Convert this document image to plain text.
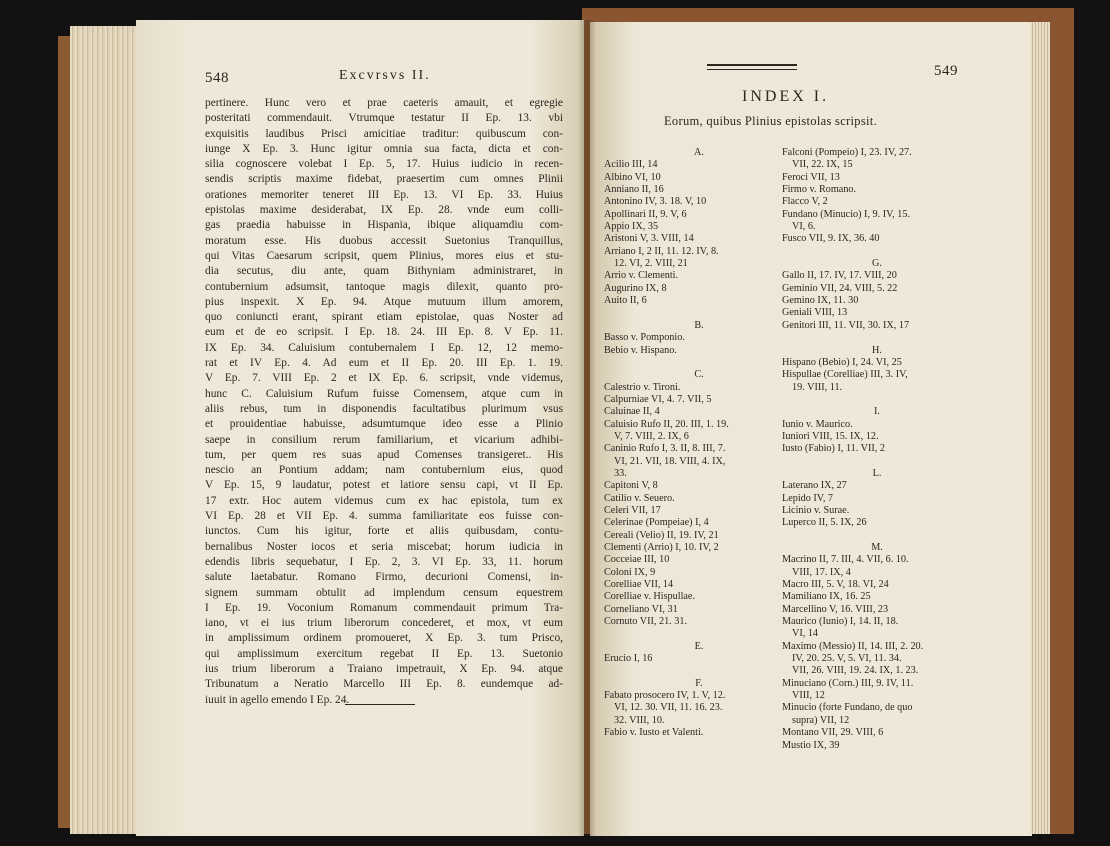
548	Excvrsvs II.
pertinere. Hunc vero et prae caeteris amauit, et egregie
posteritati commendauit. Vtrumque testatur II Ep. 13. vbi
exquisitis laudibus Prisci amicitiae traditur: quibuscum con-
iunge X Ep. 3. Hunc igitur omnia sua facta, dicta et con-
silia cognoscere volebat I Ep. 5, 17. Huius iudicio in recen-
sendis scriptis maxime fidebat, praesertim cum omnes Plinii
orationes memoriter teneret III Ep. 13. VI Ep. 33. Huius
epistolas maxime desiderabat, IX Ep. 28. vnde eum colli-
gas praedia habuisse in Hispania, ibique aliquamdiu com-
moratum esse. His duobus accessit Suetonius Tranquillus,
qui Vitas Caesarum scripsit, quem Plinius, mores eius et stu-
dia secutus, diu ante, quam Bithyniam administraret, in
contubernium adsumsit, tantoque magis dilexit, quanto pro-
pius inspexit. X Ep. 94. Atque mutuum illum amorem,
quo coniuncti erant, spirant etiam epistolae, quas Noster ad
eum et de eo scripsit. I Ep. 18. 24. III Ep. 8. V Ep. 11.
IX Ep. 34. Caluisium contubernalem I Ep. 12, 12 memo-
rat et IV Ep. 4. Ad eum et II Ep. 20. III Ep. 1. 19.
V Ep. 7. VIII Ep. 2 et IX Ep. 6. scripsit, vnde videmus,
hunc C. Caluisium Rufum fuisse Comensem, atque cum in
aliis rebus, tum in disponendis facultatibus plurimum vsus
et prouidentiae habuisse, adsumtumque ideo esse a Plinio
saepe in consilium rerum familiarium, et vicarium adhibi-
tum, per quem res suas apud Comenses transigeret.. His
nescio an Pontium addam; nam contubernium eius, quod
V Ep. 15, 9 laudatur, potest et latiore sensu capi, vt II Ep.
17 extr. Hoc autem videmus cum ex hac epistola, tum ex
VI Ep. 28 et VII Ep. 4. summa familiaritate eos fuisse con-
iunctos. Cum his igitur, forte et aliis quibusdam, contu-
bernalibus Noster iocos et seria miscebat; horum iudicia in
edendis libris sequebatur, I Ep. 2, 3. VI Ep. 33, 11. horum
salute laetabatur. Romano Firmo, decurioni Comensi, in-
signem summam obtulit ad implendum censum equestrem
I Ep. 19. Voconium Romanum commendauit primum Tra-
iano, vt ei ius trium liberorum concederet, et mox, vt eum
in amplissimum ordinem promoueret, X Ep. 3. tum Priscо,
qui amplissimum exercitum regebat II Ep. 13. Suetonio
ius trium liberorum a Traiano impetrauit, X Ep. 94. atque
Tribunatum a Neratio Marcello III Ep. 8. eundemque ad-
iuuit in agello emendo I Ep. 24.
549
INDEX I.
Eorum, quibus Plinius epistolas scripsit.
A.
Acilio III, 14
Albino VI, 10
Anniano II, 16
Antonino IV, 3. 18. V, 10
Apollinari II, 9. V, 6
Appio IX, 35
Aristoni V, 3. VIII, 14
Arriano I, 2 II, 11. 12. IV, 8.
12. VI, 2. VIII, 21
Arrio v. Clementi.
Augurino IX, 8
Auito II, 6
B.
Basso v. Pomponio.
Bebio v. Hispano.
C.
Calestrio v. Tironi.
Calpurniae VI, 4. 7. VII, 5
Caluinae II, 4
Caluisio Rufo II, 20. III, 1. 19.
V, 7. VIII, 2. IX, 6
Caninio Rufo I, 3. II, 8. III, 7.
VI, 21. VII, 18. VIII, 4. IX,
33.
Capitoni V, 8
Catilio v. Seuero.
Celeri VII, 17
Celerinae (Pompeiae) I, 4
Cereali (Velio) II, 19. IV, 21
Clementi (Arrio) I, 10. IV, 2
Cocceiae III, 10
Coloni IX, 9
Corelliae VII, 14
Corelliae v. Hispullae.
Corneliano VI, 31
Cornuto VII, 21. 31.
E.
Erucio I, 16
F.
Fabato prosocero IV, 1. V, 12.
VI, 12. 30. VII, 11. 16. 23.
32. VIII, 10.
Fabio v. Iusto et Valenti.
Falconi (Pompeio) I, 23. IV, 27.
VII, 22. IX, 15
Feroci VII, 13
Firmo v. Romano.
Flacco V, 2
Fundano (Minucio) I, 9. IV, 15.
VI, 6.
Fusco VII, 9. IX, 36. 40
G.
Gallo II, 17. IV, 17. VIII, 20
Geminio VII, 24. VIII, 5. 22
Gemino IX, 11. 30
Geniali VIII, 13
Genitori III, 11. VII, 30. IX, 17
H.
Hispano (Bebio) I, 24. VI, 25
Hispullae (Corelliae) III, 3. IV,
19. VIII, 11.
I.
Iunio v. Maurico.
Iuniori VIII, 15. IX, 12.
Iusto (Fabio) I, 11. VII, 2
L.
Laterano IX, 27
Lepido IV, 7
Licinio v. Surae.
Luperco II, 5. IX, 26
M.
Macrino II, 7. III, 4. VII, 6. 10.
VIII, 17. IX, 4
Macro III, 5. V, 18. VI, 24
Mamiliano IX, 16. 25
Marcellino V, 16. VIII, 23
Maurico (Iunio) I, 14. II, 18.
VI, 14
Maximo (Messio) II, 14. III, 2. 20.
IV, 20. 25. V, 5. VI, 11. 34.
VII, 26. VIII, 19. 24. IX, 1. 23.
Minuciano (Corn.) III, 9. IV, 11.
VIII, 12
Minucio (forte Fundano, de quo
supra) VII, 12
Montano VII, 29. VIII, 6
Mustio IX, 39
